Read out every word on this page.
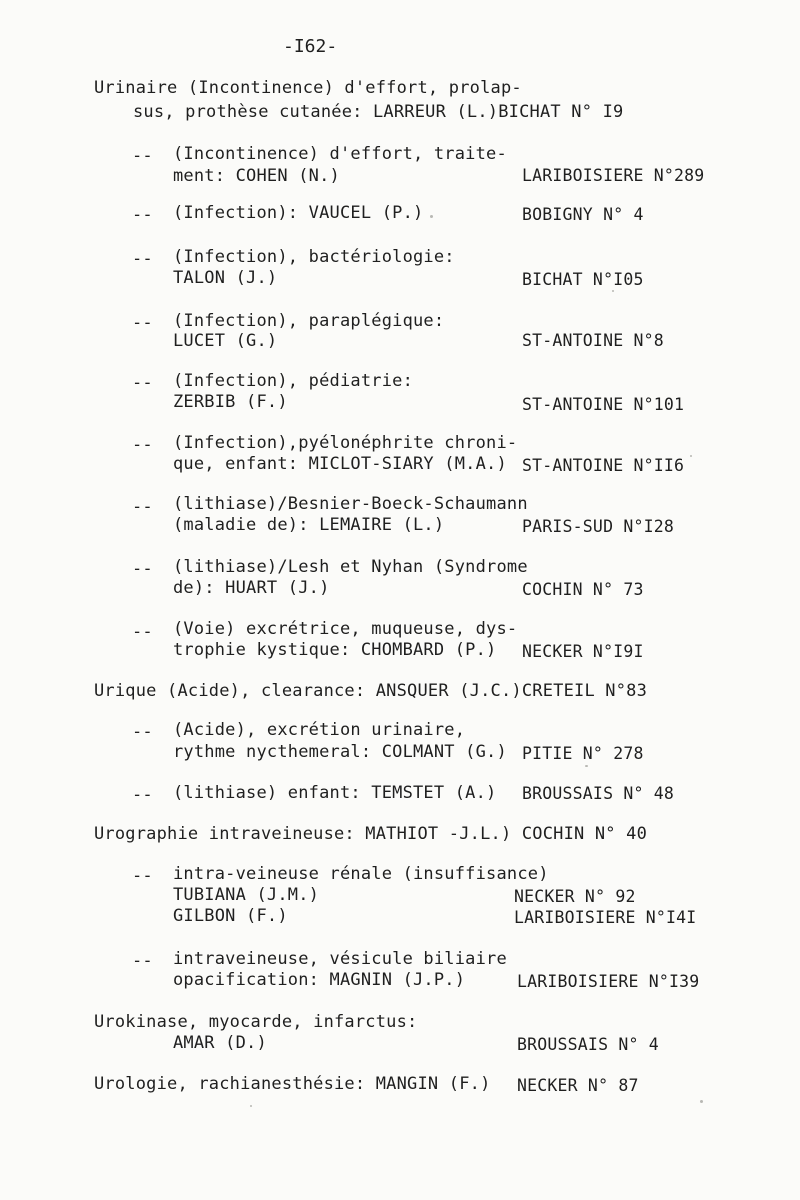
-I62-
Urinaire (Incontinence) d'effort, prolap-
sus, prothèse cutanée: LARREUR (L.)BICHAT N° I9
-- (Incontinence) d'effort, traite-
ment: COHEN (N.)	LARIBOISIERE N°289
-- (Infection): VAUCEL (P.)	BOBIGNY N° 4
-- (Infection), bactériologie:
TALON (J.)	BICHAT N°I05
-- (Infection), paraplégique:
LUCET (G.)	ST-ANTOINE N°8
-- (Infection), pédiatrie:
ZERBIB (F.)	ST-ANTOINE N°101
-- (Infection),pyélonéphrite chroni-
que, enfant: MICLOT-SIARY (M.A.) ST-ANTOINE N°II6
-- (lithiase)/Besnier-Boeck-Schaumann
(maladie de): LEMAIRE (L.)	PARIS-SUD N°I28
-- (lithiase)/Lesh et Nyhan (Syndrome
de): HUART (J.)	COCHIN N° 73
-- (Voie) excrétrice, muqueuse, dys-
trophie kystique: CHOMBARD (P.) NECKER N°I9I
Urique (Acide), clearance: ANSQUER (J.C.)CRETEIL N°83
-- (Acide), excrétion urinaire,
rythme nycthemeral: COLMANT (G.) PITIE N° 278
-- (lithiase) enfant: TEMSTET (A.) BROUSSAIS N° 48
Urographie intraveineuse: MATHIOT -J.L.) COCHIN N° 40
-- intra-veineuse rénale (insuffisance)
TUBIANA (J.M.)	NECKER N° 92
GILBON (F.)	LARIBOISIERE N°I4I
-- intraveineuse, vésicule biliaire
opacification: MAGNIN (J.P.)	LARIBOISIERE N°I39
Urokinase, myocarde, infarctus:
AMAR (D.)	BROUSSAIS N° 4
Urologie, rachianesthésie: MANGIN (F.) NECKER N° 87
